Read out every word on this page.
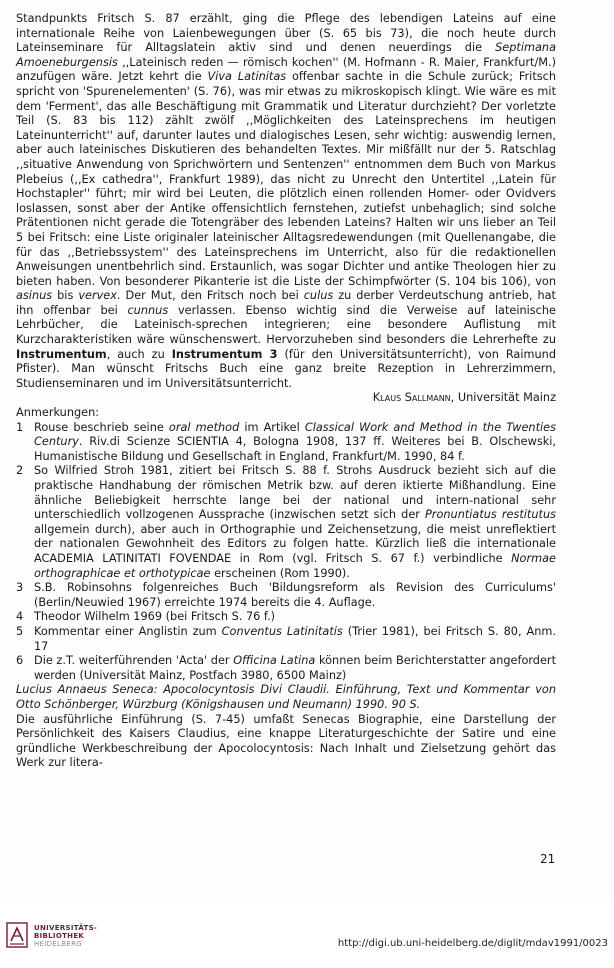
Standpunkts Fritsch S. 87 erzählt, ging die Pflege des lebendigen Lateins auf eine internationale Reihe von Laienbewegungen über (S. 65 bis 73), die noch heute durch Lateinseminare für Alltagslatein aktiv sind und denen neuerdings die Septimana Amoeneburgensis ,,Lateinisch reden — römisch kochen'' (M. Hofmann - R. Maier, Frankfurt/M.) anzufügen wäre. Jetzt kehrt die Viva Latinitas offenbar sachte in die Schule zurück; Fritsch spricht von 'Spurenelementen' (S. 76), was mir etwas zu mikroskopisch klingt. Wie wäre es mit dem 'Ferment', das alle Beschäftigung mit Grammatik und Literatur durchzieht? Der vorletzte Teil (S. 83 bis 112) zählt zwölf ,,Möglichkeiten des Lateinsprechens im heutigen Lateinunterricht'' auf, darunter lautes und dialogisches Lesen, sehr wichtig: auswendig lernen, aber auch lateinisches Diskutieren des behandelten Textes. Mir mißfällt nur der 5. Ratschlag ,,situative Anwendung von Sprichwörtern und Sentenzen'' entnommen dem Buch von Markus Plebeius (,,Ex cathedra'', Frankfurt 1989), das nicht zu Unrecht den Untertitel ,,Latein für Hochstapler'' führt; mir wird bei Leuten, die plötzlich einen rollenden Homer- oder Ovidvers loslassen, sonst aber der Antike offensichtlich fernstehen, zutiefst unbehaglich; sind solche Prätentionen nicht gerade die Totengräber des lebenden Lateins? Halten wir uns lieber an Teil 5 bei Fritsch: eine Liste originaler lateinischer Alltagsredewendungen (mit Quellenangabe, die für das ,,Betriebssystem'' des Lateinsprechens im Unterricht, also für die redaktionellen Anweisungen unentbehrlich sind. Erstaunlich, was sogar Dichter und antike Theologen hier zu bieten haben. Von besonderer Pikanterie ist die Liste der Schimpfwörter (S. 104 bis 106), von asinus bis vervex. Der Mut, den Fritsch noch bei culus zu derber Verdeutschung antrieb, hat ihn offenbar bei cunnus verlassen. Ebenso wichtig sind die Verweise auf lateinische Lehrbücher, die Lateinisch-sprechen integrieren; eine besondere Auflistung mit Kurzcharakteristiken wäre wünschenswert. Hervorzuheben sind besonders die Lehrerhefte zu Instrumentum, auch zu Instrumentum 3 (für den Universitätsunterricht), von Raimund Pfister). Man wünscht Fritschs Buch eine ganz breite Rezeption in Lehrerzimmern, Studienseminaren und im Universitätsunterricht.

Klaus Sallmann, Universität Mainz

Anmerkungen:

1 Rouse beschrieb seine oral method im Artikel Classical Work and Method in the Twenties Century. Riv.di Scienze SCIENTIA 4, Bologna 1908, 137 ff. Weiteres bei B. Olschewski, Humanistische Bildung und Gesellschaft in England, Frankfurt/M. 1990, 84 f.
2 So Wilfried Stroh 1981, zitiert bei Fritsch S. 88 f. Strohs Ausdruck bezieht sich auf die praktische Handhabung der römischen Metrik bzw. auf deren iktierte Mißhandlung. Eine ähnliche Beliebigkeit herrschte lange bei der national und intern-national sehr unterschiedlich vollzogenen Aussprache (inzwischen setzt sich der Pronuntiatus restitutus allgemein durch), aber auch in Orthographie und Zeichensetzung, die meist unreflektiert der nationalen Gewohnheit des Editors zu folgen hatte. Kürzlich ließ die internationale ACADEMIA LATINITATI FOVENDAE in Rom (vgl. Fritsch S. 67 f.) verbindliche Normae orthographicae et orthotypicae erscheinen (Rom 1990).
3 S.B. Robinsohns folgenreiches Buch 'Bildungsreform als Revision des Curriculums' (Berlin/Neuwied 1967) erreichte 1974 bereits die 4. Auflage.
4 Theodor Wilhelm 1969 (bei Fritsch S. 76 f.)
5 Kommentar einer Anglistin zum Conventus Latinitatis (Trier 1981), bei Fritsch S. 80, Anm. 17
6 Die z.T. weiterführenden 'Acta' der Officina Latina können beim Berichterstatter angefordert werden (Universität Mainz, Postfach 3980, 6500 Mainz)

Lucius Annaeus Seneca: Apocolocyntosis Divi Claudii. Einführung, Text und Kommentar von Otto Schönberger, Würzburg (Königshausen und Neumann) 1990. 90 S.

Die ausführliche Einführung (S. 7-45) umfaßt Senecas Biographie, eine Darstellung der Persönlichkeit des Kaisers Claudius, eine knappe Literaturgeschichte der Satire und eine gründliche Werkbeschreibung der Apocolocyntosis: Nach Inhalt und Zielsetzung gehört das Werk zur litera-

21
UNIVERSITÄTS-
BIBLIOTHEK
HEIDELBERG	http://digi.ub.uni-heidelberg.de/diglit/mdav1991/0023
